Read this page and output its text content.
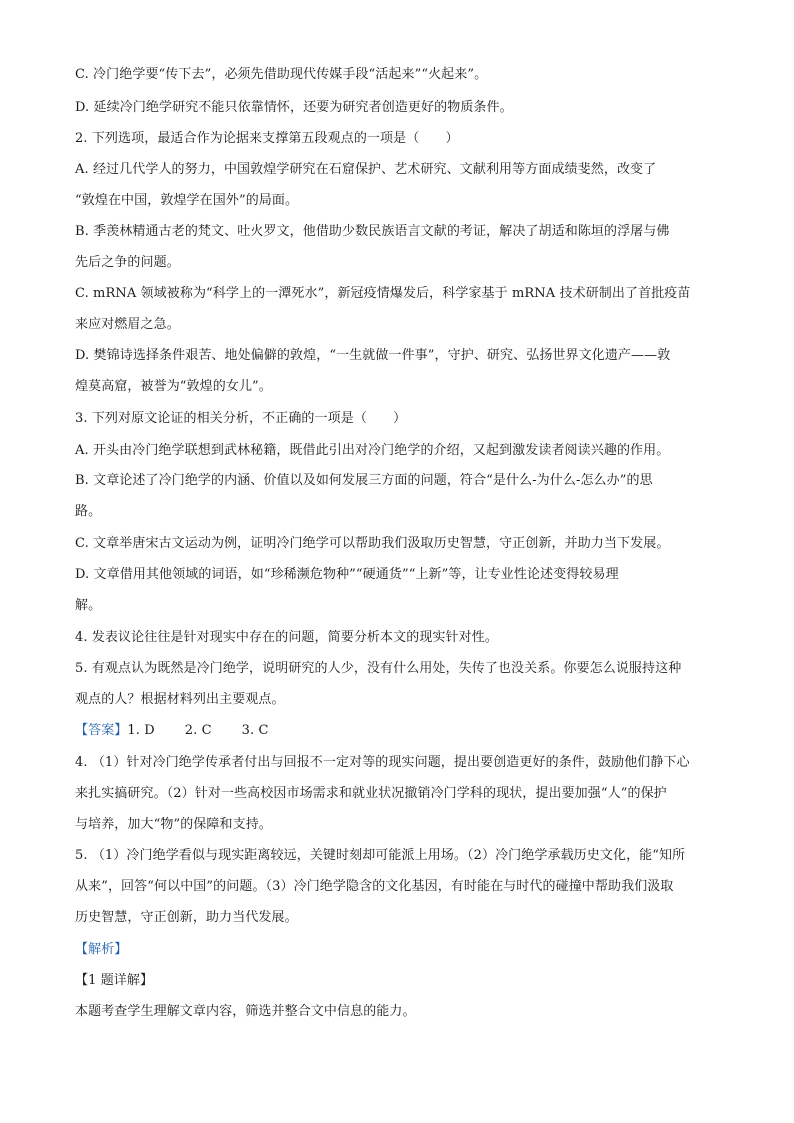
C. 冷门绝学要“传下去”，必须先借助现代传媒手段“活起来”“火起来”。
D. 延续冷门绝学研究不能只依靠情怀，还要为研究者创造更好的物质条件。
2. 下列选项，最适合作为论据来支撑第五段观点的一项是（　　）
A. 经过几代学人的努力，中国敦煌学研究在石窟保护、艺术研究、文献利用等方面成绩斐然，改变了
“敦煌在中国，敦煌学在国外”的局面。
B. 季羡林精通古老的梵文、吐火罗文，他借助少数民族语言文献的考证，解决了胡适和陈垣的浮屠与佛
先后之争的问题。
C. mRNA 领域被称为“科学上的一潭死水”，新冠疫情爆发后，科学家基于 mRNA 技术研制出了首批疫苗
来应对燃眉之急。
D. 樊锦诗选择条件艰苦、地处偏僻的敦煌，“一生就做一件事”，守护、研究、弘扬世界文化遗产——敦
煌莫高窟，被誉为“敦煌的女儿”。
3. 下列对原文论证的相关分析，不正确的一项是（　　）
A. 开头由冷门绝学联想到武林秘籍，既借此引出对冷门绝学的介绍，又起到激发读者阅读兴趣的作用。
B. 文章论述了冷门绝学的内涵、价值以及如何发展三方面的问题，符合“是什么-为什么-怎么办”的思
路。
C. 文章举唐宋古文运动为例，证明冷门绝学可以帮助我们汲取历史智慧，守正创新，并助力当下发展。
D. 文章借用其他领域的词语，如“珍稀濒危物种”“硬通货”“上新”等，让专业性论述变得较易理
解。
4. 发表议论往往是针对现实中存在的问题，简要分析本文的现实针对性。
5. 有观点认为既然是冷门绝学，说明研究的人少，没有什么用处，失传了也没关系。你要怎么说服持这种
观点的人？根据材料列出主要观点。
【答案】1. D 2. C 3. C
4. （1）针对冷门绝学传承者付出与回报不一定对等的现实问题，提出要创造更好的条件，鼓励他们静下心
来扎实搞研究。（2）针对一些高校因市场需求和就业状况撤销冷门学科的现状，提出要加强“人”的保护
与培养，加大“物”的保障和支持。
5. （1）冷门绝学看似与现实距离较远，关键时刻却可能派上用场。（2）冷门绝学承载历史文化，能“知所
从来”，回答“何以中国”的问题。（3）冷门绝学隐含的文化基因，有时能在与时代的碰撞中帮助我们汲取
历史智慧，守正创新，助力当代发展。
【解析】
【1 题详解】
本题考查学生理解文章内容，筛选并整合文中信息的能力。
